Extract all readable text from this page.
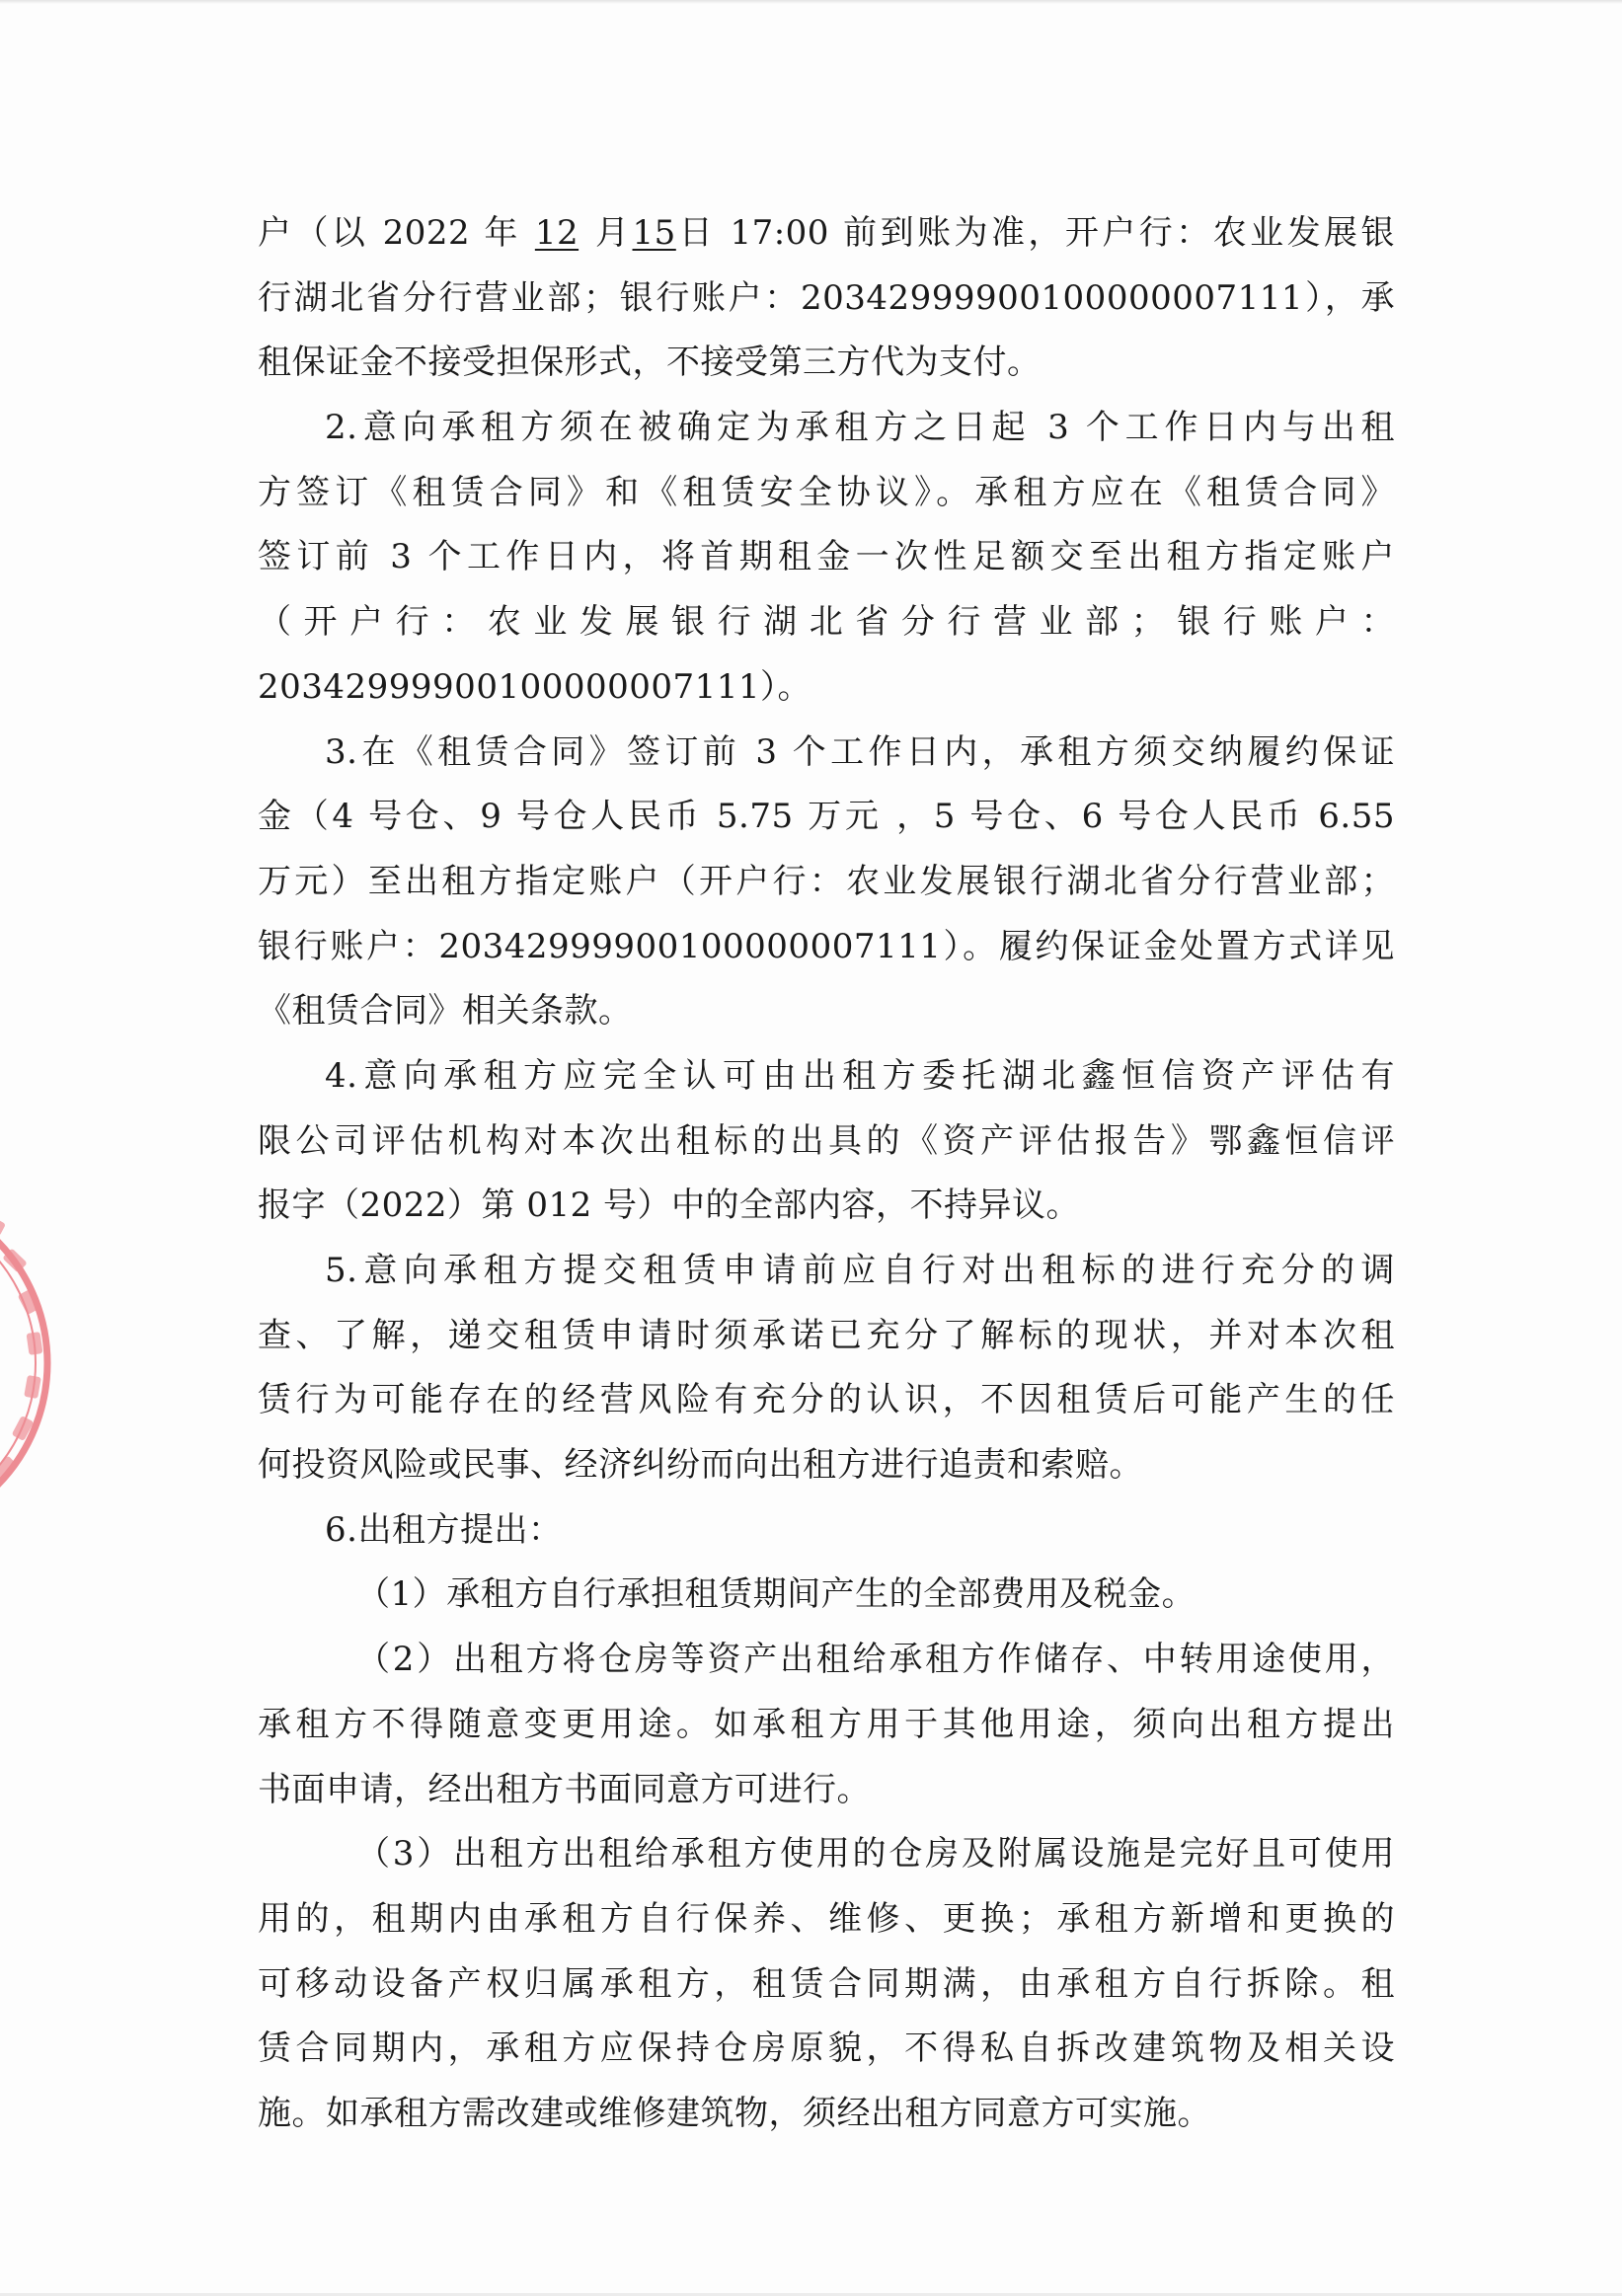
户（以 2022 年 12 月15日 17:00 前到账为准，开户行：农业发展银
行湖北省分行营业部；银行账户：20342999900100000007111），承
租保证金不接受担保形式，不接受第三方代为支付。
2.意向承租方须在被确定为承租方之日起 3 个工作日内与出租
方签订《租赁合同》和《租赁安全协议》。承租方应在《租赁合同》
签订前 3 个工作日内，将首期租金一次性足额交至出租方指定账户
（开户行：农业发展银行湖北省分行营业部；银行账户：
20342999900100000007111）。
3.在《租赁合同》签订前 3 个工作日内，承租方须交纳履约保证
金（4 号仓、9 号仓人民币 5.75 万元 ，5 号仓、6 号仓人民币 6.55
万元）至出租方指定账户（开户行：农业发展银行湖北省分行营业部；
银行账户：20342999900100000007111）。履约保证金处置方式详见
《租赁合同》相关条款。
4.意向承租方应完全认可由出租方委托湖北鑫恒信资产评估有
限公司评估机构对本次出租标的出具的《资产评估报告》鄂鑫恒信评
报字（2022）第 012 号）中的全部内容，不持异议。
5.意向承租方提交租赁申请前应自行对出租标的进行充分的调
查、了解，递交租赁申请时须承诺已充分了解标的现状，并对本次租
赁行为可能存在的经营风险有充分的认识，不因租赁后可能产生的任
何投资风险或民事、经济纠纷而向出租方进行追责和索赔。
6.出租方提出：
（1）承租方自行承担租赁期间产生的全部费用及税金。
（2）出租方将仓房等资产出租给承租方作储存、中转用途使用，
承租方不得随意变更用途。如承租方用于其他用途，须向出租方提出
书面申请，经出租方书面同意方可进行。
（3）出租方出租给承租方使用的仓房及附属设施是完好且可使用
用的，租期内由承租方自行保养、维修、更换；承租方新增和更换的
可移动设备产权归属承租方，租赁合同期满，由承租方自行拆除。租
赁合同期内，承租方应保持仓房原貌，不得私自拆改建筑物及相关设
施。如承租方需改建或维修建筑物，须经出租方同意方可实施。
